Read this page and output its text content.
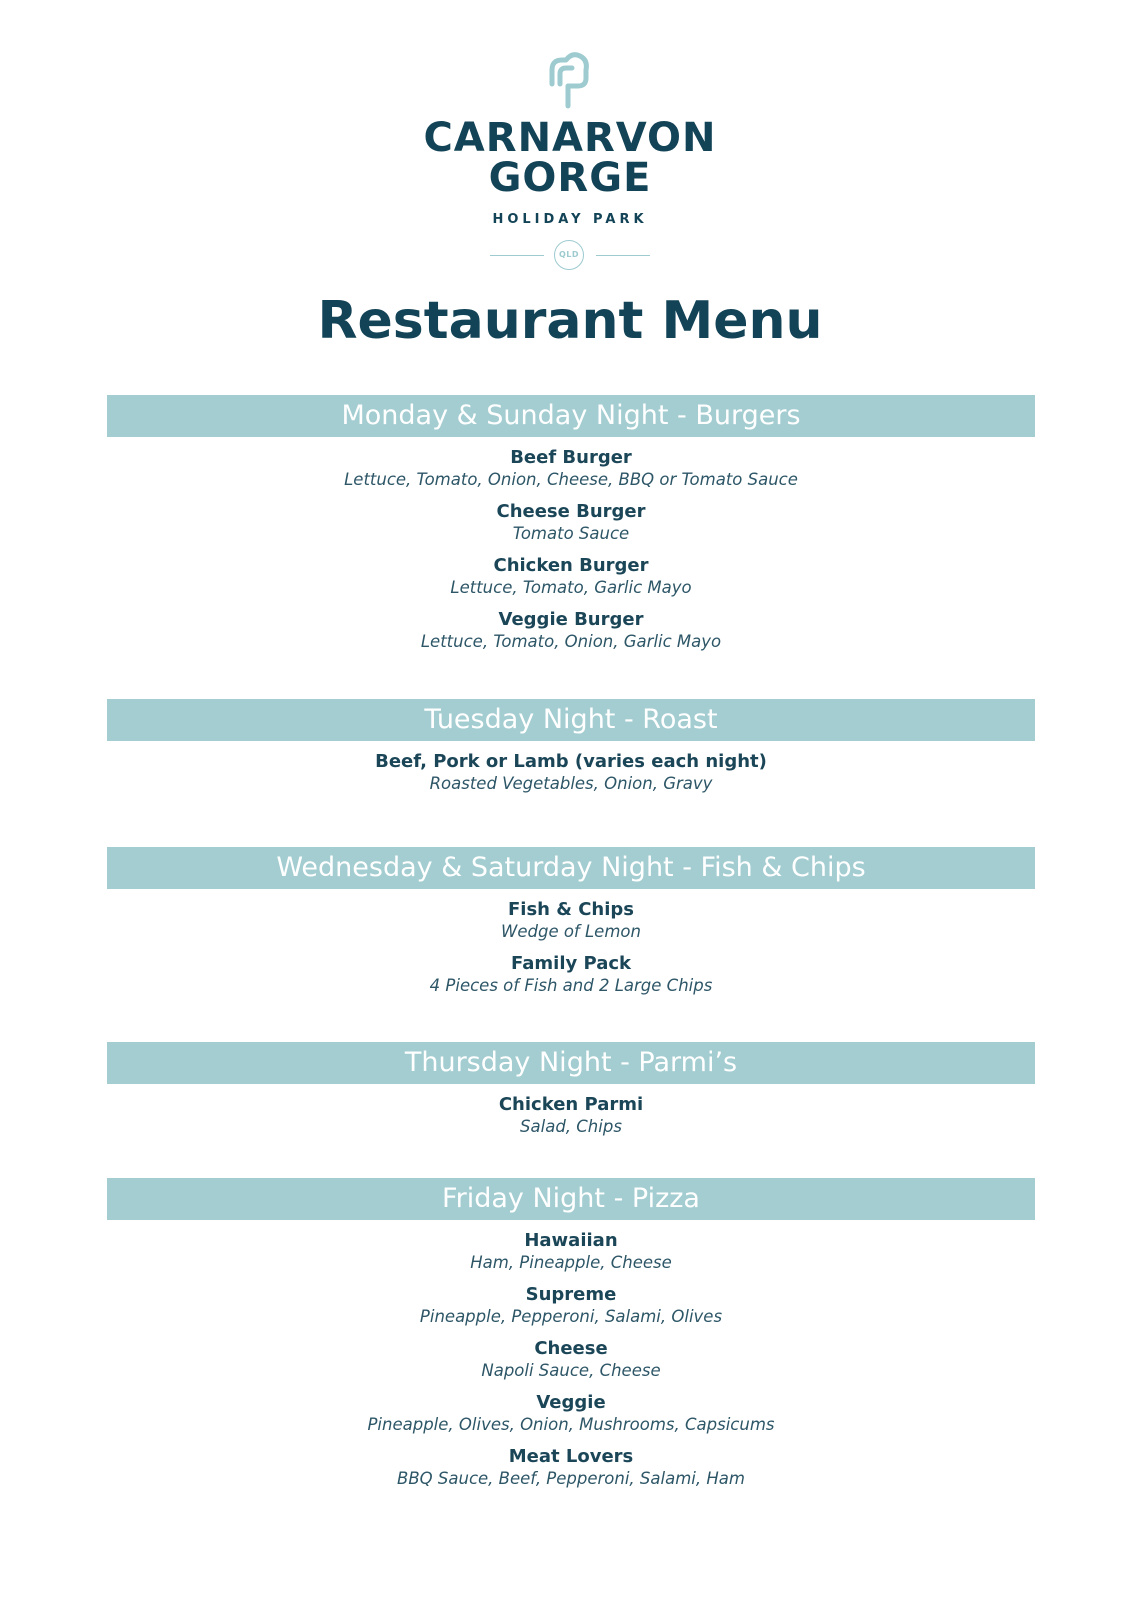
CARNARVON
GORGE
HOLIDAY PARK
QLD
Restaurant Menu
Monday & Sunday Night - Burgers
Beef Burger
Lettuce, Tomato, Onion, Cheese, BBQ or Tomato Sauce
Cheese Burger
Tomato Sauce
Chicken Burger
Lettuce, Tomato, Garlic Mayo
Veggie Burger
Lettuce, Tomato, Onion, Garlic Mayo
Tuesday Night - Roast
Beef, Pork or Lamb (varies each night)
Roasted Vegetables, Onion, Gravy
Wednesday & Saturday Night - Fish & Chips
Fish & Chips
Wedge of Lemon
Family Pack
4 Pieces of Fish and 2 Large Chips
Thursday Night - Parmi’s
Chicken Parmi
Salad, Chips
Friday Night - Pizza
Hawaiian
Ham, Pineapple, Cheese
Supreme
Pineapple, Pepperoni, Salami, Olives
Cheese
Napoli Sauce, Cheese
Veggie
Pineapple, Olives, Onion, Mushrooms, Capsicums
Meat Lovers
BBQ Sauce, Beef, Pepperoni, Salami, Ham
